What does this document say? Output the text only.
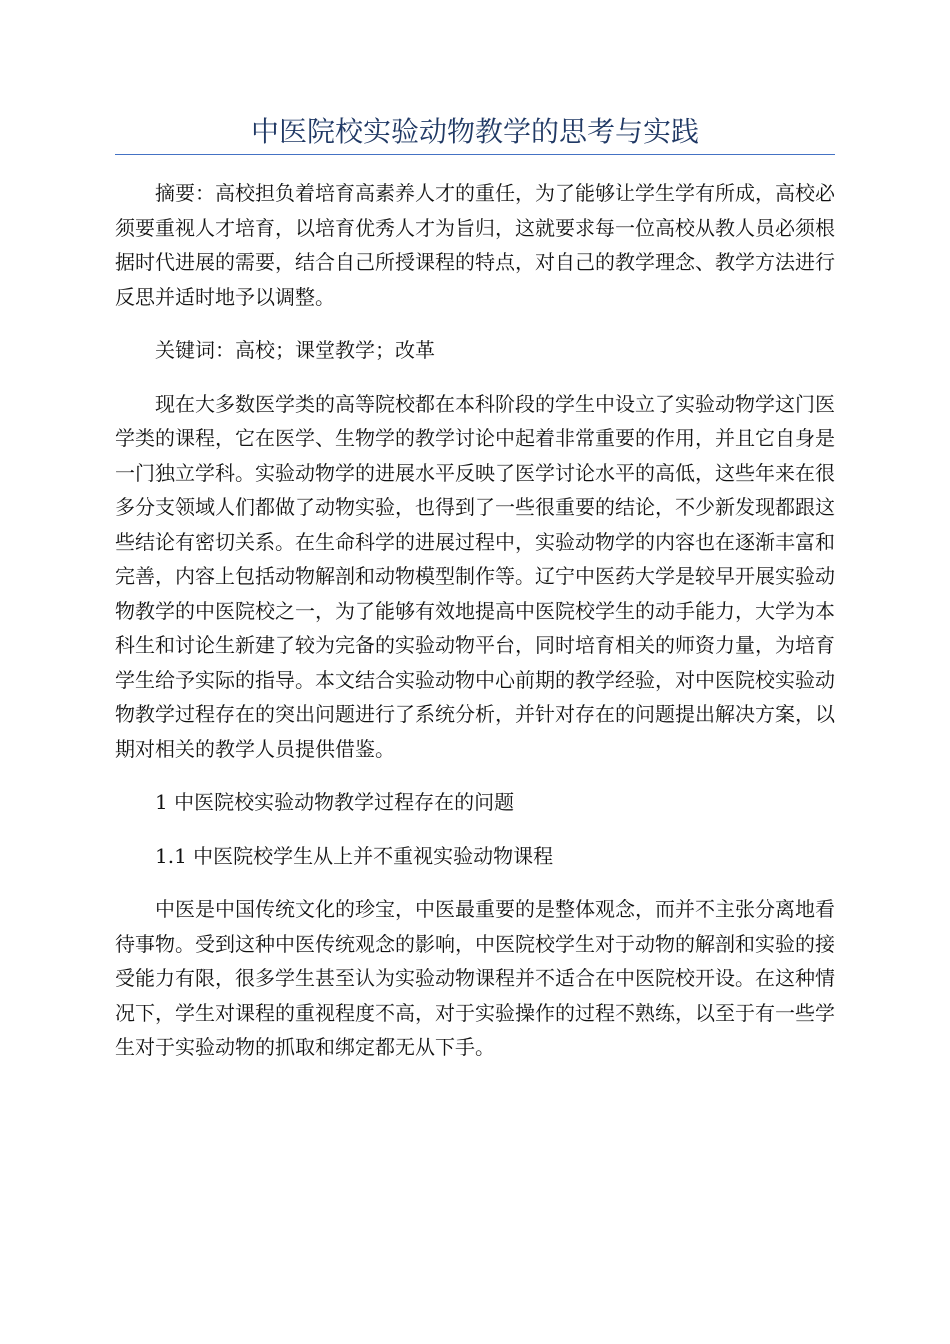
中医院校实验动物教学的思考与实践

摘要：高校担负着培育高素养人才的重任，为了能够让学生学有所成，高校必须要重视人才培育，以培育优秀人才为旨归，这就要求每一位高校从教人员必须根据时代进展的需要，结合自己所授课程的特点，对自己的教学理念、教学方法进行反思并适时地予以调整。

关键词：高校；课堂教学；改革

现在大多数医学类的高等院校都在本科阶段的学生中设立了实验动物学这门医学类的课程，它在医学、生物学的教学讨论中起着非常重要的作用，并且它自身是一门独立学科。实验动物学的进展水平反映了医学讨论水平的高低，这些年来在很多分支领域人们都做了动物实验，也得到了一些很重要的结论，不少新发现都跟这些结论有密切关系。在生命科学的进展过程中，实验动物学的内容也在逐渐丰富和完善，内容上包括动物解剖和动物模型制作等。辽宁中医药大学是较早开展实验动物教学的中医院校之一，为了能够有效地提高中医院校学生的动手能力，大学为本科生和讨论生新建了较为完备的实验动物平台，同时培育相关的师资力量，为培育学生给予实际的指导。本文结合实验动物中心前期的教学经验，对中医院校实验动物教学过程存在的突出问题进行了系统分析，并针对存在的问题提出解决方案，以期对相关的教学人员提供借鉴。

1 中医院校实验动物教学过程存在的问题

1.1 中医院校学生从上并不重视实验动物课程

中医是中国传统文化的珍宝，中医最重要的是整体观念，而并不主张分离地看待事物。受到这种中医传统观念的影响，中医院校学生对于动物的解剖和实验的接受能力有限，很多学生甚至认为实验动物课程并不适合在中医院校开设。在这种情况下，学生对课程的重视程度不高，对于实验操作的过程不熟练，以至于有一些学生对于实验动物的抓取和绑定都无从下手。
